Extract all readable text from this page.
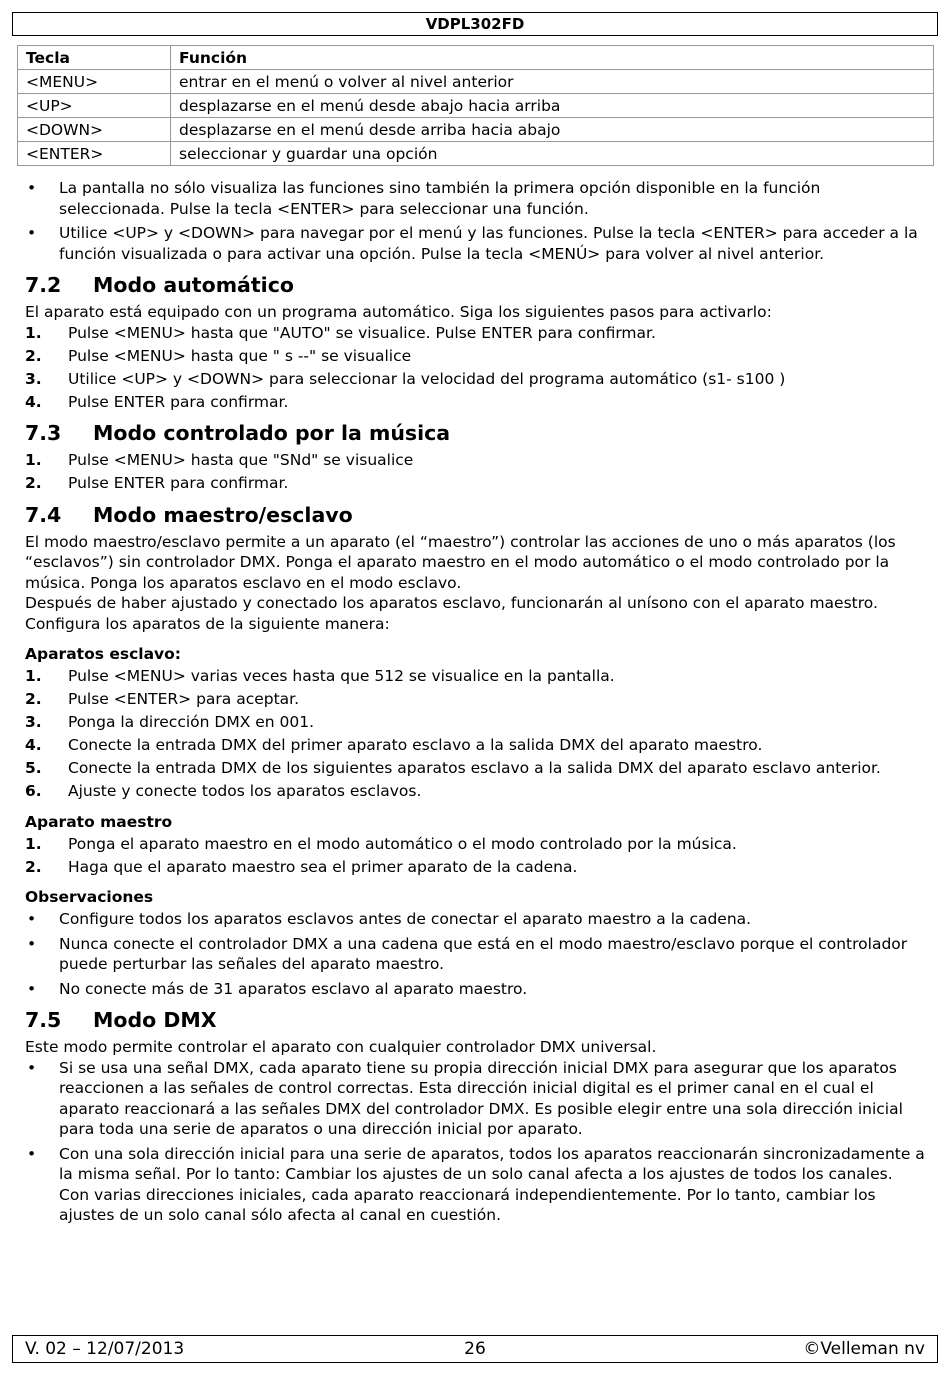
VDPL302FD
Tecla	Función
<MENU>	entrar en el menú o volver al nivel anterior
<UP>	desplazarse en el menú desde abajo hacia arriba
<DOWN>	desplazarse en el menú desde arriba hacia abajo
<ENTER>	seleccionar y guardar una opción
• La pantalla no sólo visualiza las funciones sino también la primera opción disponible en la función seleccionada. Pulse la tecla <ENTER> para seleccionar una función.
• Utilice <UP> y <DOWN> para navegar por el menú y las funciones. Pulse la tecla <ENTER> para acceder a la función visualizada o para activar una opción. Pulse la tecla <MENÚ> para volver al nivel anterior.
7.2 Modo automático

El aparato está equipado con un programa automático. Siga los siguientes pasos para activarlo:

1. Pulse <MENU> hasta que "AUTO" se visualice. Pulse ENTER para confirmar.
2. Pulse <MENU> hasta que " s --" se visualice
3. Utilice <UP> y <DOWN> para seleccionar la velocidad del programa automático (s1- s100 )
4. Pulse ENTER para confirmar.
7.3 Modo controlado por la música
1. Pulse <MENU> hasta que "SNd" se visualice
2. Pulse ENTER para confirmar.
7.4 Modo maestro/esclavo

El modo maestro/esclavo permite a un aparato (el “maestro”) controlar las acciones de uno o más aparatos (los “esclavos”) sin controlador DMX. Ponga el aparato maestro en el modo automático o el modo controlado por la música. Ponga los aparatos esclavo en el modo esclavo.

Después de haber ajustado y conectado los aparatos esclavo, funcionarán al unísono con el aparato maestro. Configura los aparatos de la siguiente manera:

Aparatos esclavo:
1. Pulse <MENU> varias veces hasta que 512 se visualice en la pantalla.
2. Pulse <ENTER> para aceptar.
3. Ponga la dirección DMX en 001.
4. Conecte la entrada DMX del primer aparato esclavo a la salida DMX del aparato maestro.
5. Conecte la entrada DMX de los siguientes aparatos esclavo a la salida DMX del aparato esclavo anterior.
6. Ajuste y conecte todos los aparatos esclavos.
Aparato maestro
1. Ponga el aparato maestro en el modo automático o el modo controlado por la música.
2. Haga que el aparato maestro sea el primer aparato de la cadena.
Observaciones
• Configure todos los aparatos esclavos antes de conectar el aparato maestro a la cadena.
• Nunca conecte el controlador DMX a una cadena que está en el modo maestro/esclavo porque el controlador puede perturbar las señales del aparato maestro.
• No conecte más de 31 aparatos esclavo al aparato maestro.
7.5 Modo DMX

Este modo permite controlar el aparato con cualquier controlador DMX universal.

• Si se usa una señal DMX, cada aparato tiene su propia dirección inicial DMX para asegurar que los aparatos reaccionen a las señales de control correctas. Esta dirección inicial digital es el primer canal en el cual el aparato reaccionará a las señales DMX del controlador DMX. Es posible elegir entre una sola dirección inicial para toda una serie de aparatos o una dirección inicial por aparato.
• Con una sola dirección inicial para una serie de aparatos, todos los aparatos reaccionarán sincronizadamente a la misma señal. Por lo tanto: Cambiar los ajustes de un solo canal afecta a los ajustes de todos los canales. Con varias direcciones iniciales, cada aparato reaccionará independientemente. Por lo tanto, cambiar los ajustes de un solo canal sólo afecta al canal en cuestión.
V. 02 – 12/07/2013	26	©Velleman nv
